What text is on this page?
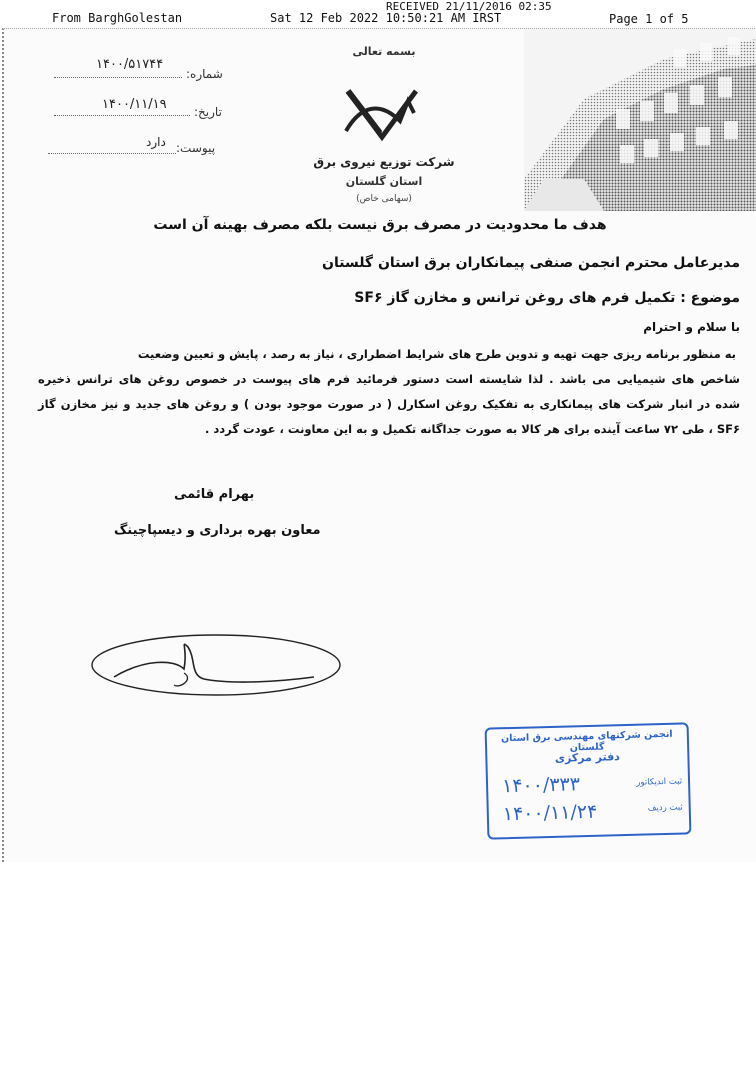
From BarghGolestan	Sat 12 Feb 2022 10:50:21 AM IRST
RECEIVED 21/11/2016 02:35
Page 1 of 5
۱۴۰۰/۵۱۷۴۴
شماره:
۱۴۰۰/۱۱/۱۹ تاریخ:
دارد پیوست:
بسمه تعالی
شرکت توزیع نیروی برق
استان گلستان
(سهامی خاص)
هدف ما محدودیت در مصرف برق نیست بلکه مصرف بهینه آن است
مدیرعامل محترم انجمن صنفی پیمانکاران برق استان گلستان
موضوع : تکمیل فرم های روغن ترانس و مخازن گاز SF۶
با سلام و احترام
به منظور برنامه ریزی جهت تهیه و تدوین طرح های شرایط اضطراری ، نیاز به رصد ، پایش و تعیین وضعیت
شاخص های شیمیایی می باشد . لذا شایسته است دستور فرمائید فرم های پیوست در خصوص روغن های ترانس ذخیره
شده در انبار شرکت های پیمانکاری به تفکیک روغن اسکارل ( در صورت موجود بودن ) و روغن های جدید و نیز مخازن گاز
SF۶ ، طی ۷۲ ساعت آینده برای هر کالا به صورت جداگانه تکمیل و به این معاونت ، عودت گردد .
بهرام قائمی
معاون بهره برداری و دیسپاچینگ
انجمن شرکتهای مهندسی برق استان گلستان
دفتر مرکزی
ثبت اندیکاتور
۱۴۰۰/۳۳۳
ثبت ردیف
۱۴۰۰/۱۱/۲۴
